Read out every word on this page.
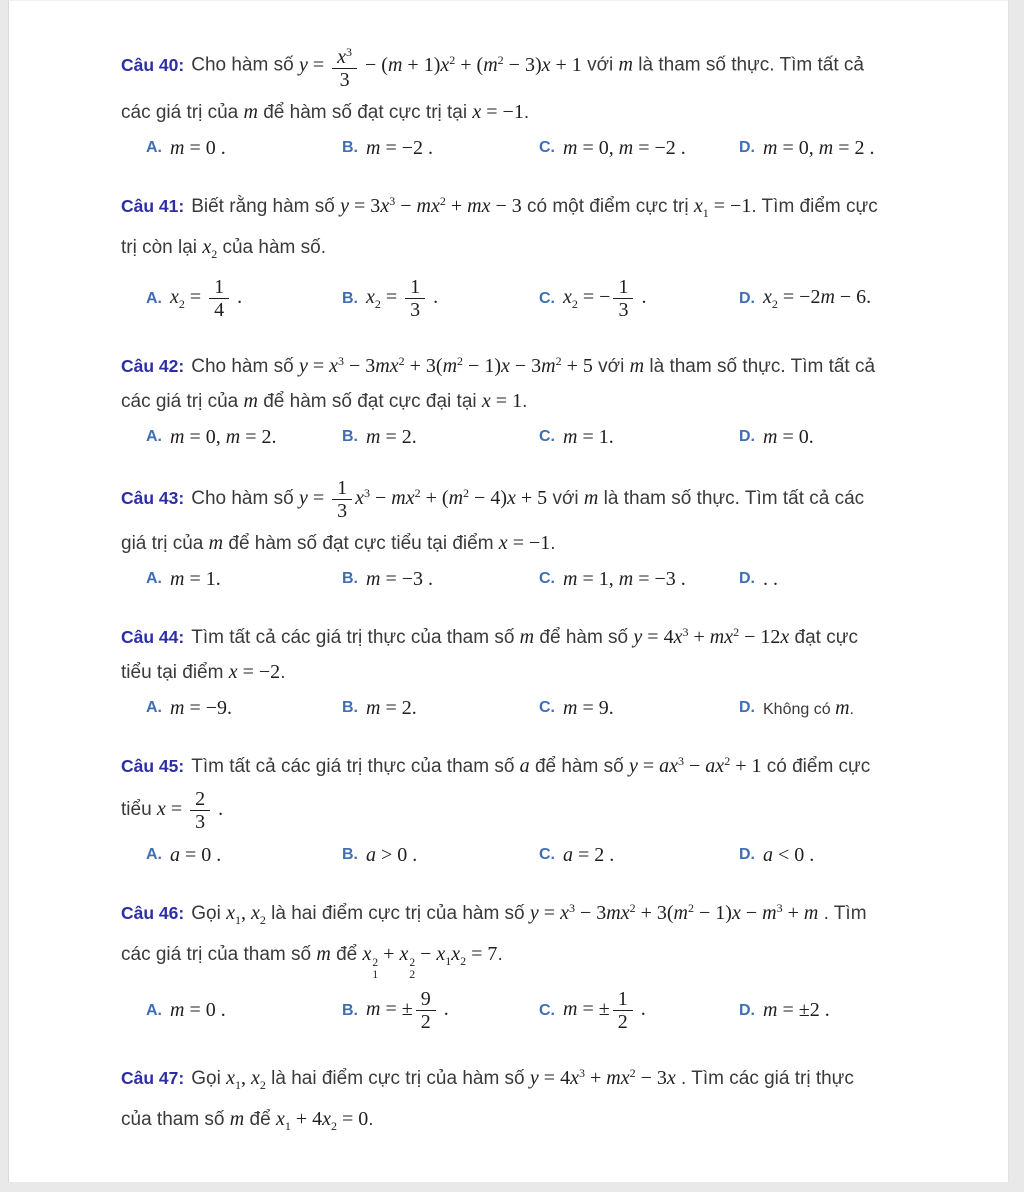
Câu 40: Cho hàm số $y = \frac{x^3}{3} - (m + 1)x^2 + (m^2 - 3)x + 1$ với m là tham số thực. Tìm tất cả
các giá trị của m để hàm số đạt cực trị tại x = −1.
A. m = 0 .	B. m = −2 .	C. m = 0, m = −2 .	D. m = 0, m = 2 .
Câu 41: Biết rằng hàm số $y = 3x^3 - mx^2$ + mx − 3 có một điểm cực trị $x_1 = -1$. Tìm điểm cực
trị còn lại $x_2$ của hàm số.
A. $x_2 = \frac{1}{4}$ .	B. $x_2 = \frac{1}{3}$ .	C. $x_2$ = − $\frac{1}{3}$ .	D. $x_2 = -2m - 6$.
Câu 42: Cho hàm số $y = x^3 - 3mx^2 + 3(m^2 - 1)x - 3m^2 + 5$ với m là tham số thực. Tìm tất cả
các giá trị của m để hàm số đạt cực đại tại x = 1.
A. m = 0, m = 2.	B. m = 2.	C. m = 1.	D. m = 0.
Câu 43: Cho hàm số $y = \frac{1}{3} x^3 - mx^2 + (m^2 - 4)x + 5$ với m là tham số thực. Tìm tất cả các
giá trị của m để hàm số đạt cực tiểu tại điểm x = −1.
A. m = 1.	B. m = −3 .	C. m = 1, m = −3 .	D. . .
Câu 44: Tìm tất cả các giá trị thực của tham số m để hàm số $y = 4x^3 + mx^2 - 12x$ đạt cực
tiểu tại điểm x = −2.
A. m = −9.	B. m = 2.	C. m = 9.	D. Không có m.
Câu 45: Tìm tất cả các giá trị thực của tham số a để hàm số $y = ax^3 - ax^2 + 1$ có điểm cực
tiểu $x = \frac{2}{3}$ .
A. a = 0 .	B. a > 0 .	C. a = 2 .	D. a < 0 .
Câu 46: Gọi $x_1$, $x_2$ là hai điểm cực trị của hàm số $y = x^3 - 3mx^2 + 3(m^2 - 1)x - m^3 + m$ . Tìm
các giá trị của tham số m để x 2
1
+ x 2
2
− $x_1x_2 = 7$.
A. m = 0 .	B. m = ± $\frac{9}{2}$ .	C. m = ± $\frac{1}{2}$ .	D. m = ±2 .
Câu 47: Gọi $x_1$, $x_2$ là hai điểm cực trị của hàm số $y = 4x^3 + mx^2 - 3x$ . Tìm các giá trị thực
của tham số m để $x_1 + 4x_2 = 0$.
